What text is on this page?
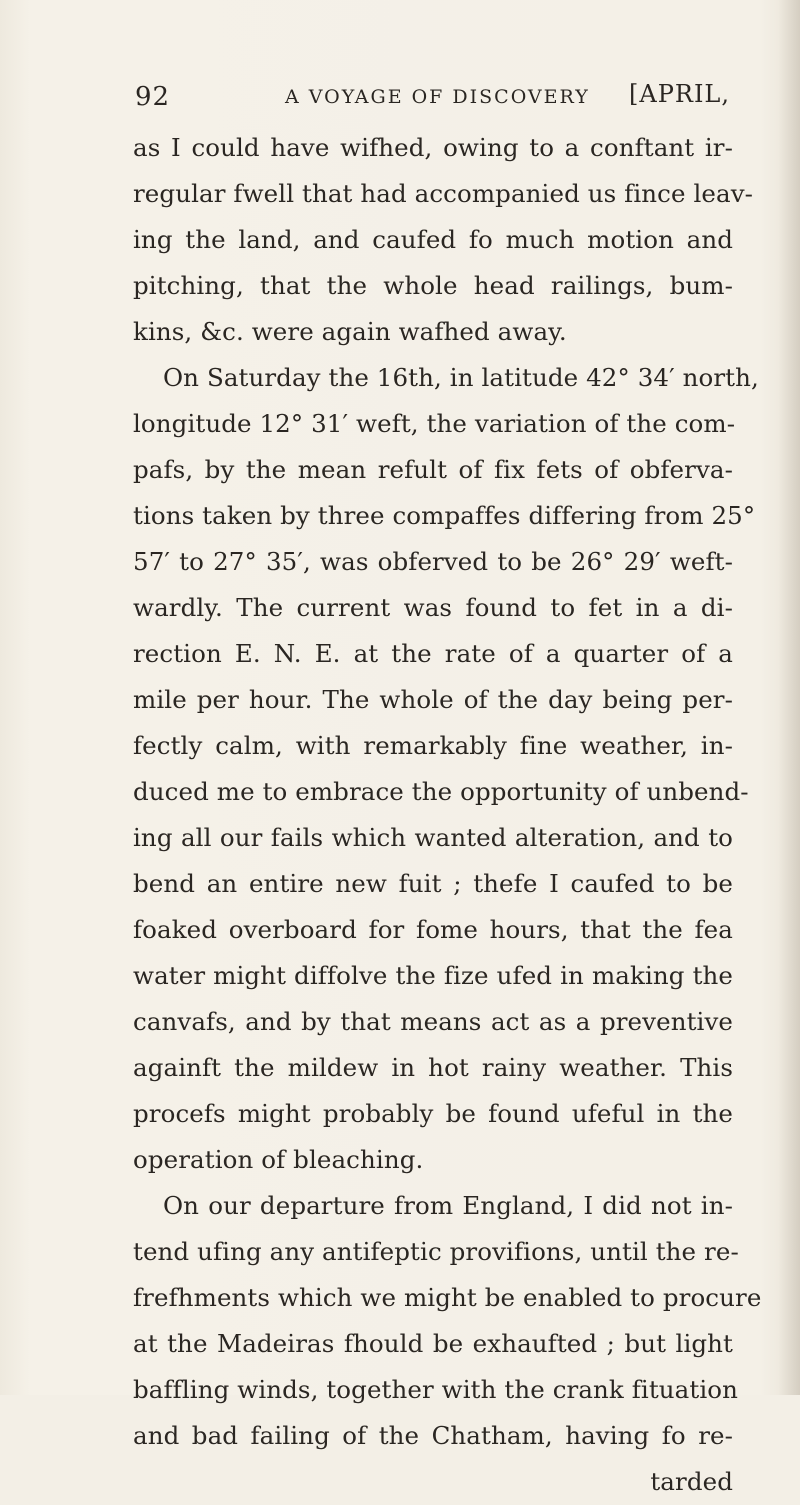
92	A VOYAGE OF DISCOVERY [APRIL,
as I could have wifhed, owing to a conftant ir-
regular fwell that had accompanied us fince leav-
ing the land, and caufed fo much motion and
pitching, that the whole head railings, bum-
kins, &c. were again wafhed away.
On Saturday the 16th, in latitude 42° 34′ north,
longitude 12° 31′ weft, the variation of the com-
pafs, by the mean refult of fix fets of obferva-
tions taken by three compaffes differing from 25°
57′ to 27° 35′, was obferved to be 26° 29′ weft-
wardly. The current was found to fet in a di-
rection E. N. E. at the rate of a quarter of a
mile per hour. The whole of the day being per-
fectly calm, with remarkably fine weather, in-
duced me to embrace the opportunity of unbend-
ing all our fails which wanted alteration, and to
bend an entire new fuit ; thefe I caufed to be
foaked overboard for fome hours, that the fea
water might diffolve the fize ufed in making the
canvafs, and by that means act as a preventive
againft the mildew in hot rainy weather. This
procefs might probably be found ufeful in the
operation of bleaching.
On our departure from England, I did not in-
tend ufing any antifeptic provifions, until the re-
frefhments which we might be enabled to procure
at the Madeiras fhould be exhaufted ; but light
baffling winds, together with the crank fituation
and bad failing of the Chatham, having fo re-
tarded
